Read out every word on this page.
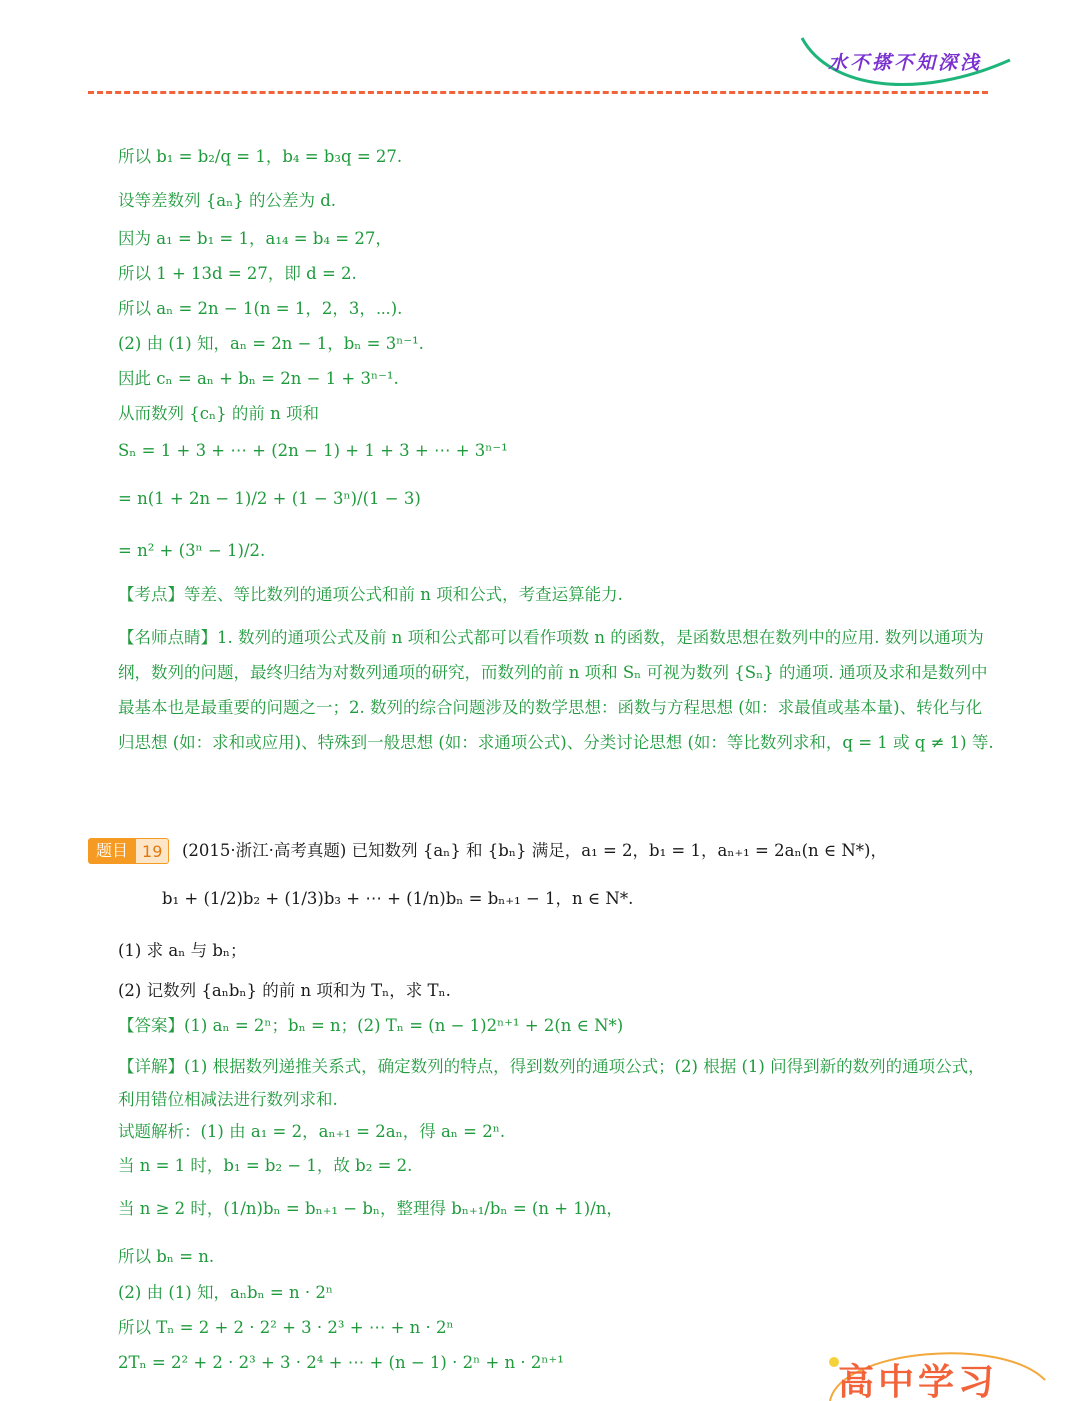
水不搽不知深浅
所以 b₁ = b₂/q = 1，b₄ = b₃q = 27.
设等差数列 {aₙ} 的公差为 d.
因为 a₁ = b₁ = 1，a₁₄ = b₄ = 27，
所以 1 + 13d = 27，即 d = 2.
所以 aₙ = 2n − 1(n = 1，2，3，⋯).
(2) 由 (1) 知，aₙ = 2n − 1，bₙ = 3ⁿ⁻¹.
因此 cₙ = aₙ + bₙ = 2n − 1 + 3ⁿ⁻¹.
从而数列 {cₙ} 的前 n 项和
Sₙ = 1 + 3 + ⋯ + (2n − 1) + 1 + 3 + ⋯ + 3ⁿ⁻¹
= n(1 + 2n − 1)/2 + (1 − 3ⁿ)/(1 − 3)
= n² + (3ⁿ − 1)/2.
【考点】等差、等比数列的通项公式和前 n 项和公式，考查运算能力.
【名师点睛】1. 数列的通项公式及前 n 项和公式都可以看作项数 n 的函数，是函数思想在数列中的应用. 数列以通项为纲，数列的问题，最终归结为对数列通项的研究，而数列的前 n 项和 Sₙ 可视为数列 {Sₙ} 的通项. 通项及求和是数列中最基本也是最重要的问题之一；2. 数列的综合问题涉及的数学思想：函数与方程思想 (如：求最值或基本量)、转化与化归思想 (如：求和或应用)、特殊到一般思想 (如：求通项公式)、分类讨论思想 (如：等比数列求和，q = 1 或 q ≠ 1) 等.
题目 19	(2015·浙江·高考真题) 已知数列 {aₙ} 和 {bₙ} 满足，a₁ = 2，b₁ = 1，aₙ₊₁ = 2aₙ(n ∈ N*)，
b₁ + (1/2)b₂ + (1/3)b₃ + ⋯ + (1/n)bₙ = bₙ₊₁ − 1，n ∈ N*.
(1) 求 aₙ 与 bₙ；
(2) 记数列 {aₙbₙ} 的前 n 项和为 Tₙ，求 Tₙ.
【答案】(1) aₙ = 2ⁿ；bₙ = n；(2) Tₙ = (n − 1)2ⁿ⁺¹ + 2(n ∈ N*)
【详解】(1) 根据数列递推关系式，确定数列的特点，得到数列的通项公式；(2) 根据 (1) 问得到新的数列的通项公式，利用错位相减法进行数列求和.
试题解析：(1) 由 a₁ = 2，aₙ₊₁ = 2aₙ，得 aₙ = 2ⁿ.
当 n = 1 时，b₁ = b₂ − 1，故 b₂ = 2.
当 n ≥ 2 时，(1/n)bₙ = bₙ₊₁ − bₙ，整理得 bₙ₊₁/bₙ = (n + 1)/n，
所以 bₙ = n.
(2) 由 (1) 知，aₙbₙ = n · 2ⁿ
所以 Tₙ = 2 + 2 · 2² + 3 · 2³ + ⋯ + n · 2ⁿ
2Tₙ = 2² + 2 · 2³ + 3 · 2⁴ + ⋯ + (n − 1) · 2ⁿ + n · 2ⁿ⁺¹	高中学习
